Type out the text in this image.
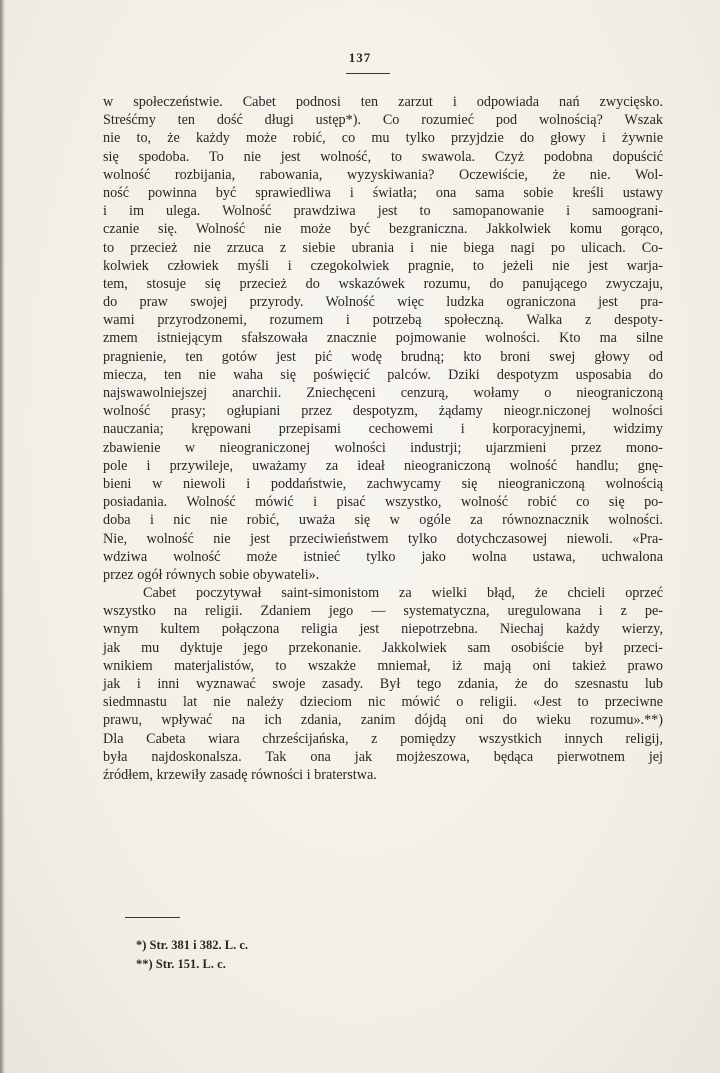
137
w społeczeństwie. Cabet podnosi ten zarzut i odpowiada nań zwycięsko.
Streśćmy ten dość długi ustęp*). Co rozumieć pod wolnością? Wszak
nie to, że każdy może robić, co mu tylko przyjdzie do głowy i żywnie
się spodoba. To nie jest wolność, to swawola. Czyż podobna dopuścić
wolność rozbijania, rabowania, wyzyskiwania? Oczewiście, że nie. Wol-
ność powinna być sprawiedliwa i światła; ona sama sobie kreśli ustawy
i im ulega. Wolność prawdziwa jest to samopanowanie i samoograni-
czanie się. Wolność nie może być bezgraniczna. Jakkolwiek komu gorąco,
to przecież nie zrzuca z siebie ubrania i nie biega nagi po ulicach. Co-
kolwiek człowiek myśli i czegokolwiek pragnie, to jeżeli nie jest warja-
tem, stosuje się przecież do wskazówek rozumu, do panującego zwyczaju,
do praw swojej przyrody. Wolność więc ludzka ograniczona jest pra-
wami przyrodzonemi, rozumem i potrzebą społeczną. Walka z despoty-
zmem istniejącym sfałszowała znacznie pojmowanie wolności. Kto ma silne
pragnienie, ten gotów jest pić wodę brudną; kto broni swej głowy od
miecza, ten nie waha się poświęcić palców. Dziki despotyzm usposabia do
najswawolniejszej anarchii. Zniechęceni cenzurą, wołamy o nieograniczoną
wolność prasy; ogłupiani przez despotyzm, żądamy nieogr.niczonej wolności
nauczania; krępowani przepisami cechowemi i korporacyjnemi, widzimy
zbawienie w nieograniczonej wolności industrji; ujarzmieni przez mono-
pole i przywileje, uważamy za ideał nieograniczoną wolność handlu; gnę-
bieni w niewoli i poddaństwie, zachwycamy się nieograniczoną wolnością
posiadania. Wolność mówić i pisać wszystko, wolność robić co się po-
doba i nic nie robić, uważa się w ogóle za równoznacznik wolności.
Nie, wolność nie jest przeciwieństwem tylko dotychczasowej niewoli. «Pra-
wdziwa wolność może istnieć tylko jako wolna ustawa, uchwalona
przez ogół równych sobie obywateli».
Cabet poczytywał saint-simonistom za wielki błąd, że chcieli oprzeć
wszystko na religii. Zdaniem jego — systematyczna, uregulowana i z pe-
wnym kultem połączona religia jest niepotrzebna. Niechaj każdy wierzy,
jak mu dyktuje jego przekonanie. Jakkolwiek sam osobiście był przeci-
wnikiem materjalistów, to wszakże mniemał, iż mają oni takież prawo
jak i inni wyznawać swoje zasady. Był tego zdania, że do szesnastu lub
siedmnastu lat nie należy dzieciom nic mówić o religii. «Jest to przeciwne
prawu, wpływać na ich zdania, zanim dójdą oni do wieku rozumu».**)
Dla Cabeta wiara chrześcijańska, z pomiędzy wszystkich innych religij,
była najdoskonalsza. Tak ona jak mojżeszowa, będąca pierwotnem jej
źródłem, krzewiły zasadę równości i braterstwa.
*) Str. 381 i 382. L. c.
**) Str. 151. L. c.
